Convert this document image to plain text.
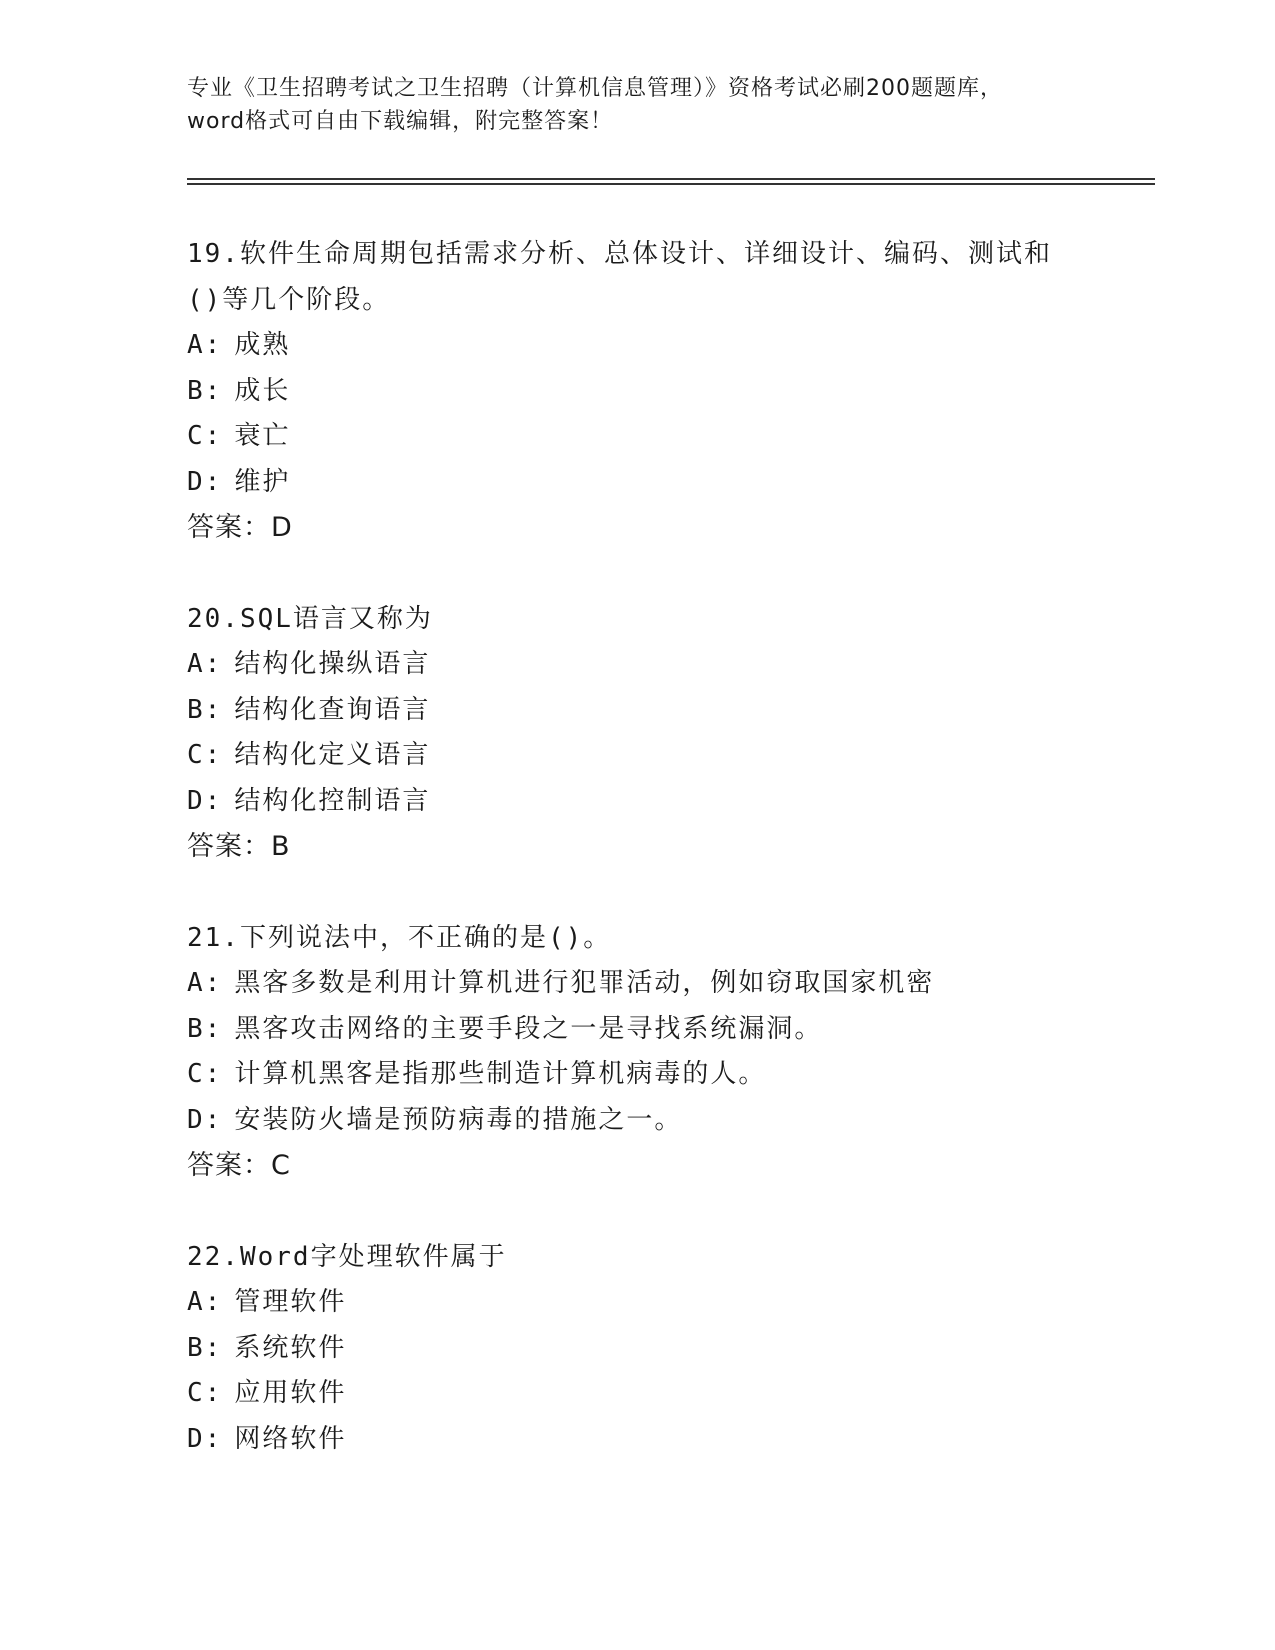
专业《卫生招聘考试之卫生招聘（计算机信息管理）》资格考试必刷200题题库，
word格式可自由下载编辑，附完整答案！
19.软件生命周期包括需求分析、总体设计、详细设计、编码、测试和
()等几个阶段。
A: 成熟
B: 成长
C: 衰亡
D: 维护
答案：D
20.SQL语言又称为
A: 结构化操纵语言
B: 结构化查询语言
C: 结构化定义语言
D: 结构化控制语言
答案：B
21.下列说法中，不正确的是()。
A: 黑客多数是利用计算机进行犯罪活动，例如窃取国家机密
B: 黑客攻击网络的主要手段之一是寻找系统漏洞。
C: 计算机黑客是指那些制造计算机病毒的人。
D: 安装防火墙是预防病毒的措施之一。
答案：C
22.Word字处理软件属于
A: 管理软件
B: 系统软件
C: 应用软件
D: 网络软件
